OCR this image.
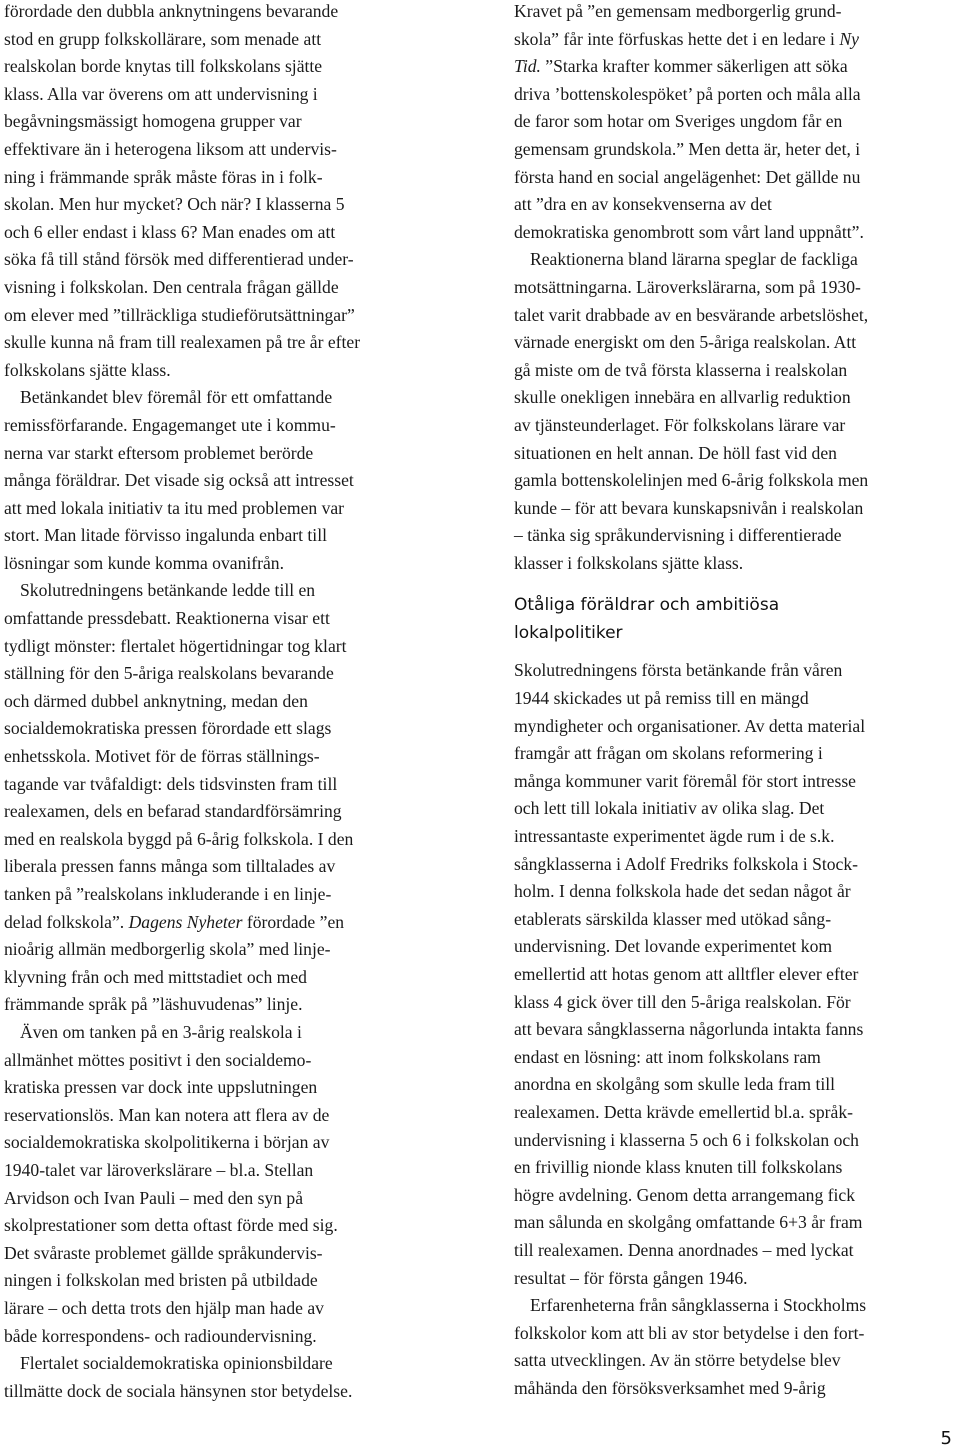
förordade den dubbla anknytningens bevarande
stod en grupp folkskollärare, som menade att
realskolan borde knytas till folkskolans sjätte
klass. Alla var överens om att undervisning i
begåvningsmässigt homogena grupper var
effektivare än i heterogena liksom att undervis-
ning i främmande språk måste föras in i folk-
skolan. Men hur mycket? Och när? I klasserna 5
och 6 eller endast i klass 6? Man enades om att
söka få till stånd försök med differentierad under-
visning i folkskolan. Den centrala frågan gällde
om elever med ”tillräckliga studieförutsättningar”
skulle kunna nå fram till realexamen på tre år efter
folkskolans sjätte klass.
Betänkandet blev föremål för ett omfattande
remissförfarande. Engagemanget ute i kommu-
nerna var starkt eftersom problemet berörde
många föräldrar. Det visade sig också att intresset
att med lokala initiativ ta itu med problemen var
stort. Man litade förvisso ingalunda enbart till
lösningar som kunde komma ovanifrån.
Skolutredningens betänkande ledde till en
omfattande pressdebatt. Reaktionerna visar ett
tydligt mönster: flertalet högertidningar tog klart
ställning för den 5-åriga realskolans bevarande
och därmed dubbel anknytning, medan den
socialdemokratiska pressen förordade ett slags
enhetsskola. Motivet för de förras ställnings-
tagande var tvåfaldigt: dels tidsvinsten fram till
realexamen, dels en befarad standardförsämring
med en realskola byggd på 6-årig folkskola. I den
liberala pressen fanns många som tilltalades av
tanken på ”realskolans inkluderande i en linje-
delad folkskola”. Dagens Nyheter förordade ”en
nioårig allmän medborgerlig skola” med linje-
klyvning från och med mittstadiet och med
främmande språk på ”läshuvudenas” linje.
Även om tanken på en 3-årig realskola i
allmänhet möttes positivt i den socialdemo-
kratiska pressen var dock inte uppslutningen
reservationslös. Man kan notera att flera av de
socialdemokratiska skolpolitikerna i början av
1940-talet var läroverkslärare – bl.a. Stellan
Arvidson och Ivan Pauli – med den syn på
skolprestationer som detta oftast förde med sig.
Det svåraste problemet gällde språkundervis-
ningen i folkskolan med bristen på utbildade
lärare – och detta trots den hjälp man hade av
både korrespondens- och radioundervisning.
Flertalet socialdemokratiska opinionsbildare
tillmätte dock de sociala hänsynen stor betydelse.
Kravet på ”en gemensam medborgerlig grund-
skola” får inte förfuskas hette det i en ledare i Ny
Tid. ”Starka krafter kommer säkerligen att söka
driva ’bottenskolespöket’ på porten och måla alla
de faror som hotar om Sveriges ungdom får en
gemensam grundskola.” Men detta är, heter det, i
första hand en social angelägenhet: Det gällde nu
att ”dra en av konsekvenserna av det
demokratiska genombrott som vårt land uppnått”.
Reaktionerna bland lärarna speglar de fackliga
motsättningarna. Läroverkslärarna, som på 1930-
talet varit drabbade av en besvärande arbetslöshet,
värnade energiskt om den 5-åriga realskolan. Att
gå miste om de två första klasserna i realskolan
skulle onekligen innebära en allvarlig reduktion
av tjänsteunderlaget. För folkskolans lärare var
situationen en helt annan. De höll fast vid den
gamla bottenskolelinjen med 6-årig folkskola men
kunde – för att bevara kunskapsnivån i realskolan
– tänka sig språkundervisning i differentierade
klasser i folkskolans sjätte klass.
Otåliga föräldrar och ambitiösa
lokalpolitiker
Skolutredningens första betänkande från våren
1944 skickades ut på remiss till en mängd
myndigheter och organisationer. Av detta material
framgår att frågan om skolans reformering i
många kommuner varit föremål för stort intresse
och lett till lokala initiativ av olika slag. Det
intressantaste experimentet ägde rum i de s.k.
sångklasserna i Adolf Fredriks folkskola i Stock-
holm. I denna folkskola hade det sedan något år
etablerats särskilda klasser med utökad sång-
undervisning. Det lovande experimentet kom
emellertid att hotas genom att alltfler elever efter
klass 4 gick över till den 5-åriga realskolan. För
att bevara sångklasserna någorlunda intakta fanns
endast en lösning: att inom folkskolans ram
anordna en skolgång som skulle leda fram till
realexamen. Detta krävde emellertid bl.a. språk-
undervisning i klasserna 5 och 6 i folkskolan och
en frivillig nionde klass knuten till folkskolans
högre avdelning. Genom detta arrangemang fick
man sålunda en skolgång omfattande 6+3 år fram
till realexamen. Denna anordnades – med lyckat
resultat – för första gången 1946.
Erfarenheterna från sångklasserna i Stockholms
folkskolor kom att bli av stor betydelse i den fort-
satta utvecklingen. Av än större betydelse blev
måhända den försöksverksamhet med 9-årig
5
